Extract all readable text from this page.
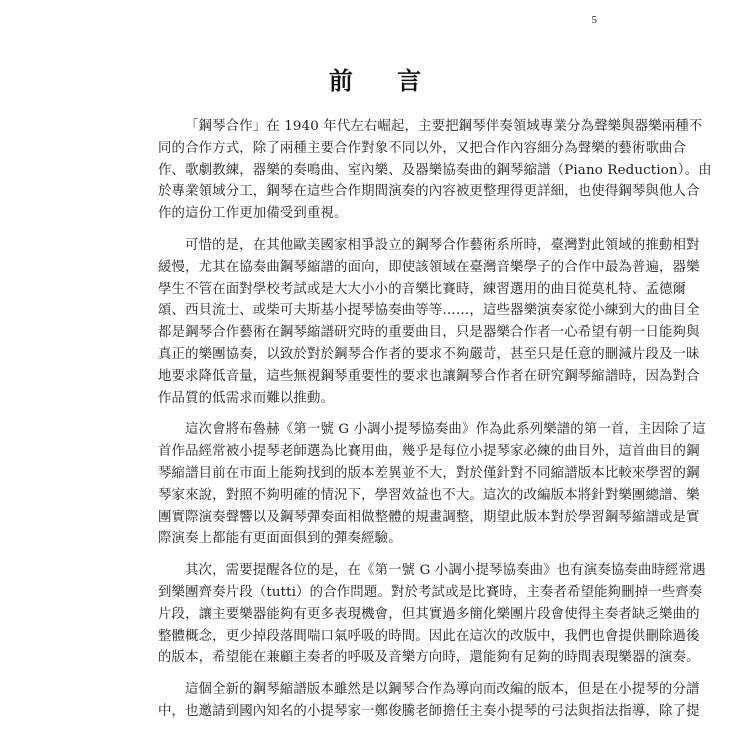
5
前 言

「鋼琴合作」在 1940 年代左右崛起，主要把鋼琴伴奏領域專業分為聲樂與器樂兩種不
同的合作方式，除了兩種主要合作對象不同以外，又把合作內容細分為聲樂的藝術歌曲合
作、歌劇教練，器樂的奏鳴曲、室內樂、及器樂協奏曲的鋼琴縮譜（Piano Reduction）。由
於專業領域分工，鋼琴在這些合作期間演奏的內容被更整理得更詳細，也使得鋼琴與他人合
作的這份工作更加備受到重視。

可惜的是，在其他歐美國家相爭設立的鋼琴合作藝術系所時，臺灣對此領域的推動相對
緩慢，尤其在協奏曲鋼琴縮譜的面向，即使該領域在臺灣音樂學子的合作中最為普遍，器樂
學生不管在面對學校考試或是大大小小的音樂比賽時，練習選用的曲目從莫札特、孟德爾
頌、西貝流士、或柴可夫斯基小提琴協奏曲等等……，這些器樂演奏家從小練到大的曲目全
都是鋼琴合作藝術在鋼琴縮譜研究時的重要曲目，只是器樂合作者一心希望有朝一日能夠與
真正的樂團協奏，以致於對於鋼琴合作者的要求不夠嚴苛，甚至只是任意的刪減片段及一昧
地要求降低音量，這些無視鋼琴重要性的要求也讓鋼琴合作者在研究鋼琴縮譜時，因為對合
作品質的低需求而難以推動。

這次會將布魯赫《第一號 G 小調小提琴協奏曲》作為此系列樂譜的第一首，主因除了這
首作品經常被小提琴老師選為比賽用曲，幾乎是每位小提琴家必練的曲目外，這首曲目的鋼
琴縮譜目前在市面上能夠找到的版本差異並不大，對於僅針對不同縮譜版本比較來學習的鋼
琴家來說，對照不夠明確的情況下，學習效益也不大。這次的改編版本將針對樂團總譜、樂
團實際演奏聲響以及鋼琴彈奏面相做整體的規畫調整，期望此版本對於學習鋼琴縮譜或是實
際演奏上都能有更面面俱到的彈奏經驗。

其次，需要提醒各位的是，在《第一號 G 小調小提琴協奏曲》也有演奏協奏曲時經常遇
到樂團齊奏片段（tutti）的合作問題。對於考試或是比賽時，主奏者希望能夠刪掉一些齊奏
片段，讓主要樂器能夠有更多表現機會，但其實過多簡化樂團片段會使得主奏者缺乏樂曲的
整體概念，更少掉段落間喘口氣呼吸的時間。因此在這次的改版中，我們也會提供刪除過後
的版本，希望能在兼顧主奏者的呼吸及音樂方向時，還能夠有足夠的時間表現樂器的演奏。

這個全新的鋼琴縮譜版本雖然是以鋼琴合作為導向而改編的版本，但是在小提琴的分譜
中，也邀請到國內知名的小提琴家一鄭俊騰老師擔任主奏小提琴的弓法與指法指導，除了提
